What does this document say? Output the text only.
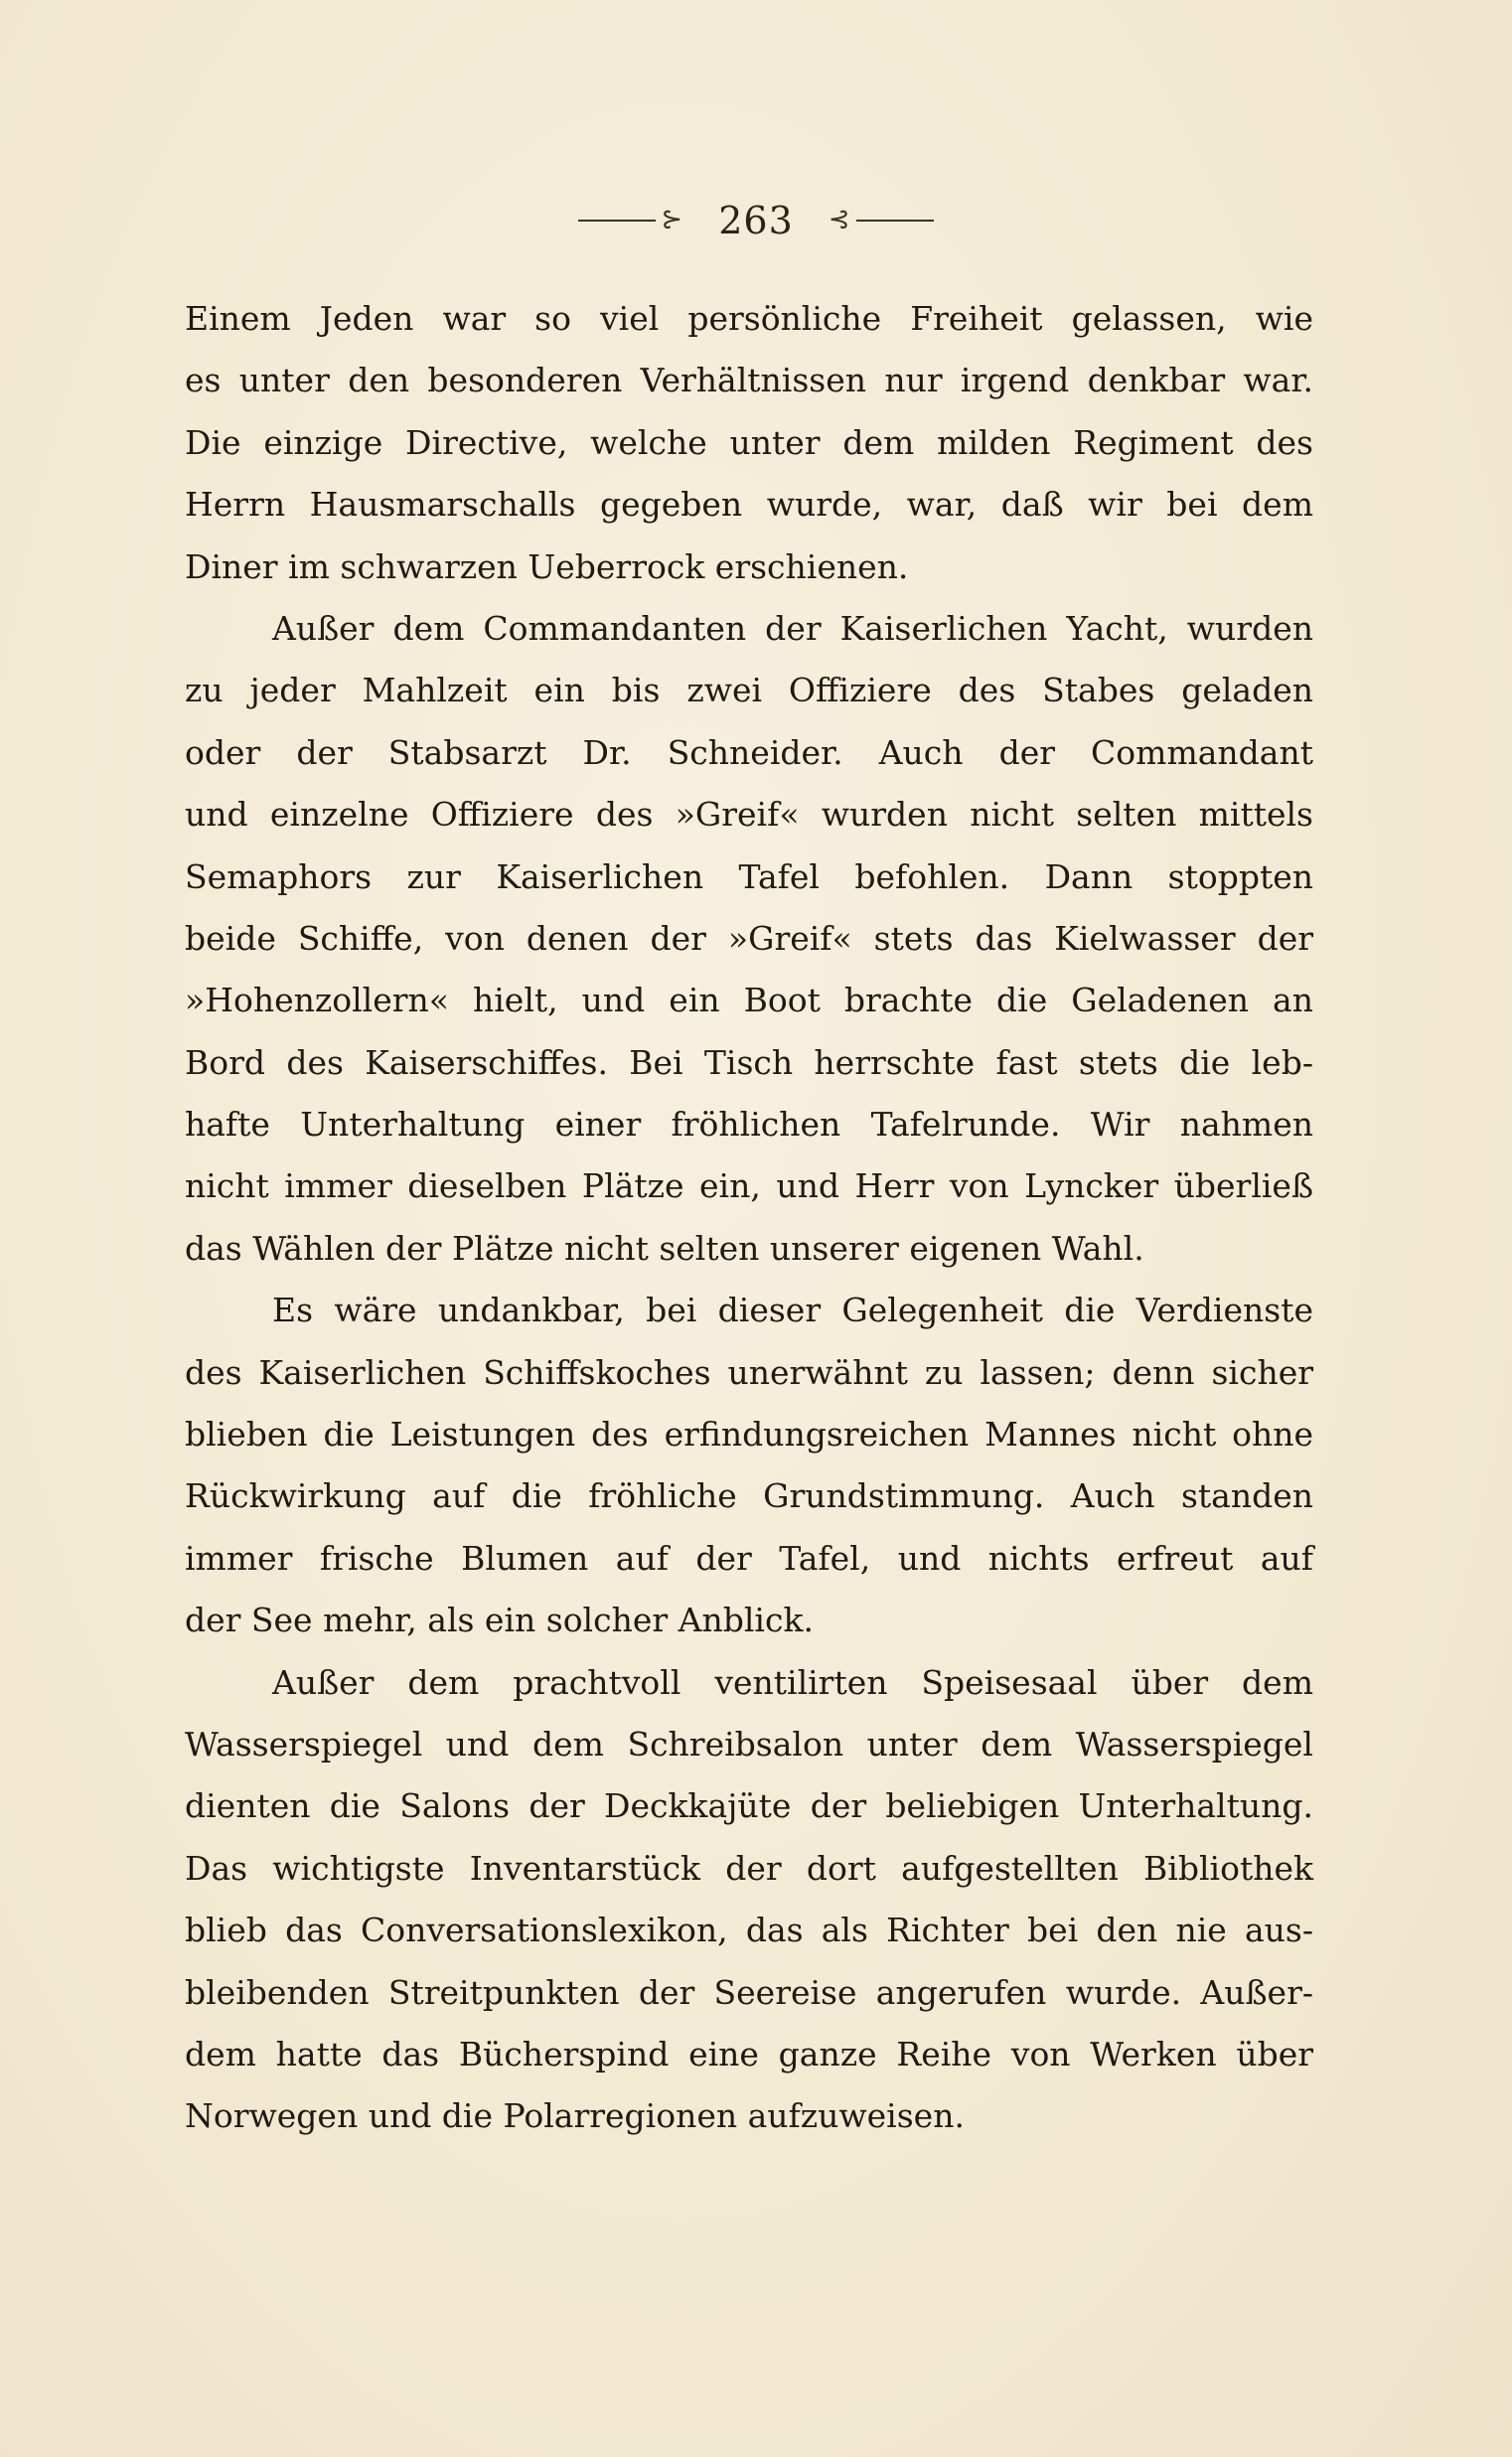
⊱ 263 ⊰
Einem Jeden war so viel persönliche Freiheit gelassen, wie
es unter den besonderen Verhältnissen nur irgend denkbar war.
Die einzige Directive, welche unter dem milden Regiment des
Herrn Hausmarschalls gegeben wurde, war, daß wir bei dem
Diner im schwarzen Ueberrock erschienen.
Außer dem Commandanten der Kaiserlichen Yacht, wurden
zu jeder Mahlzeit ein bis zwei Offiziere des Stabes geladen
oder der Stabsarzt Dr. Schneider. Auch der Commandant
und einzelne Offiziere des »Greif« wurden nicht selten mittels
Semaphors zur Kaiserlichen Tafel befohlen. Dann stoppten
beide Schiffe, von denen der »Greif« stets das Kielwasser der
»Hohenzollern« hielt, und ein Boot brachte die Geladenen an
Bord des Kaiserschiffes. Bei Tisch herrschte fast stets die leb-
hafte Unterhaltung einer fröhlichen Tafelrunde. Wir nahmen
nicht immer dieselben Plätze ein, und Herr von Lyncker überließ
das Wählen der Plätze nicht selten unserer eigenen Wahl.
Es wäre undankbar, bei dieser Gelegenheit die Verdienste
des Kaiserlichen Schiffskoches unerwähnt zu lassen; denn sicher
blieben die Leistungen des erfindungsreichen Mannes nicht ohne
Rückwirkung auf die fröhliche Grundstimmung. Auch standen
immer frische Blumen auf der Tafel, und nichts erfreut auf
der See mehr, als ein solcher Anblick.
Außer dem prachtvoll ventilirten Speisesaal über dem
Wasserspiegel und dem Schreibsalon unter dem Wasserspiegel
dienten die Salons der Deckkajüte der beliebigen Unterhaltung.
Das wichtigste Inventarstück der dort aufgestellten Bibliothek
blieb das Conversationslexikon, das als Richter bei den nie aus-
bleibenden Streitpunkten der Seereise angerufen wurde. Außer-
dem hatte das Bücherspind eine ganze Reihe von Werken über
Norwegen und die Polarregionen aufzuweisen.
